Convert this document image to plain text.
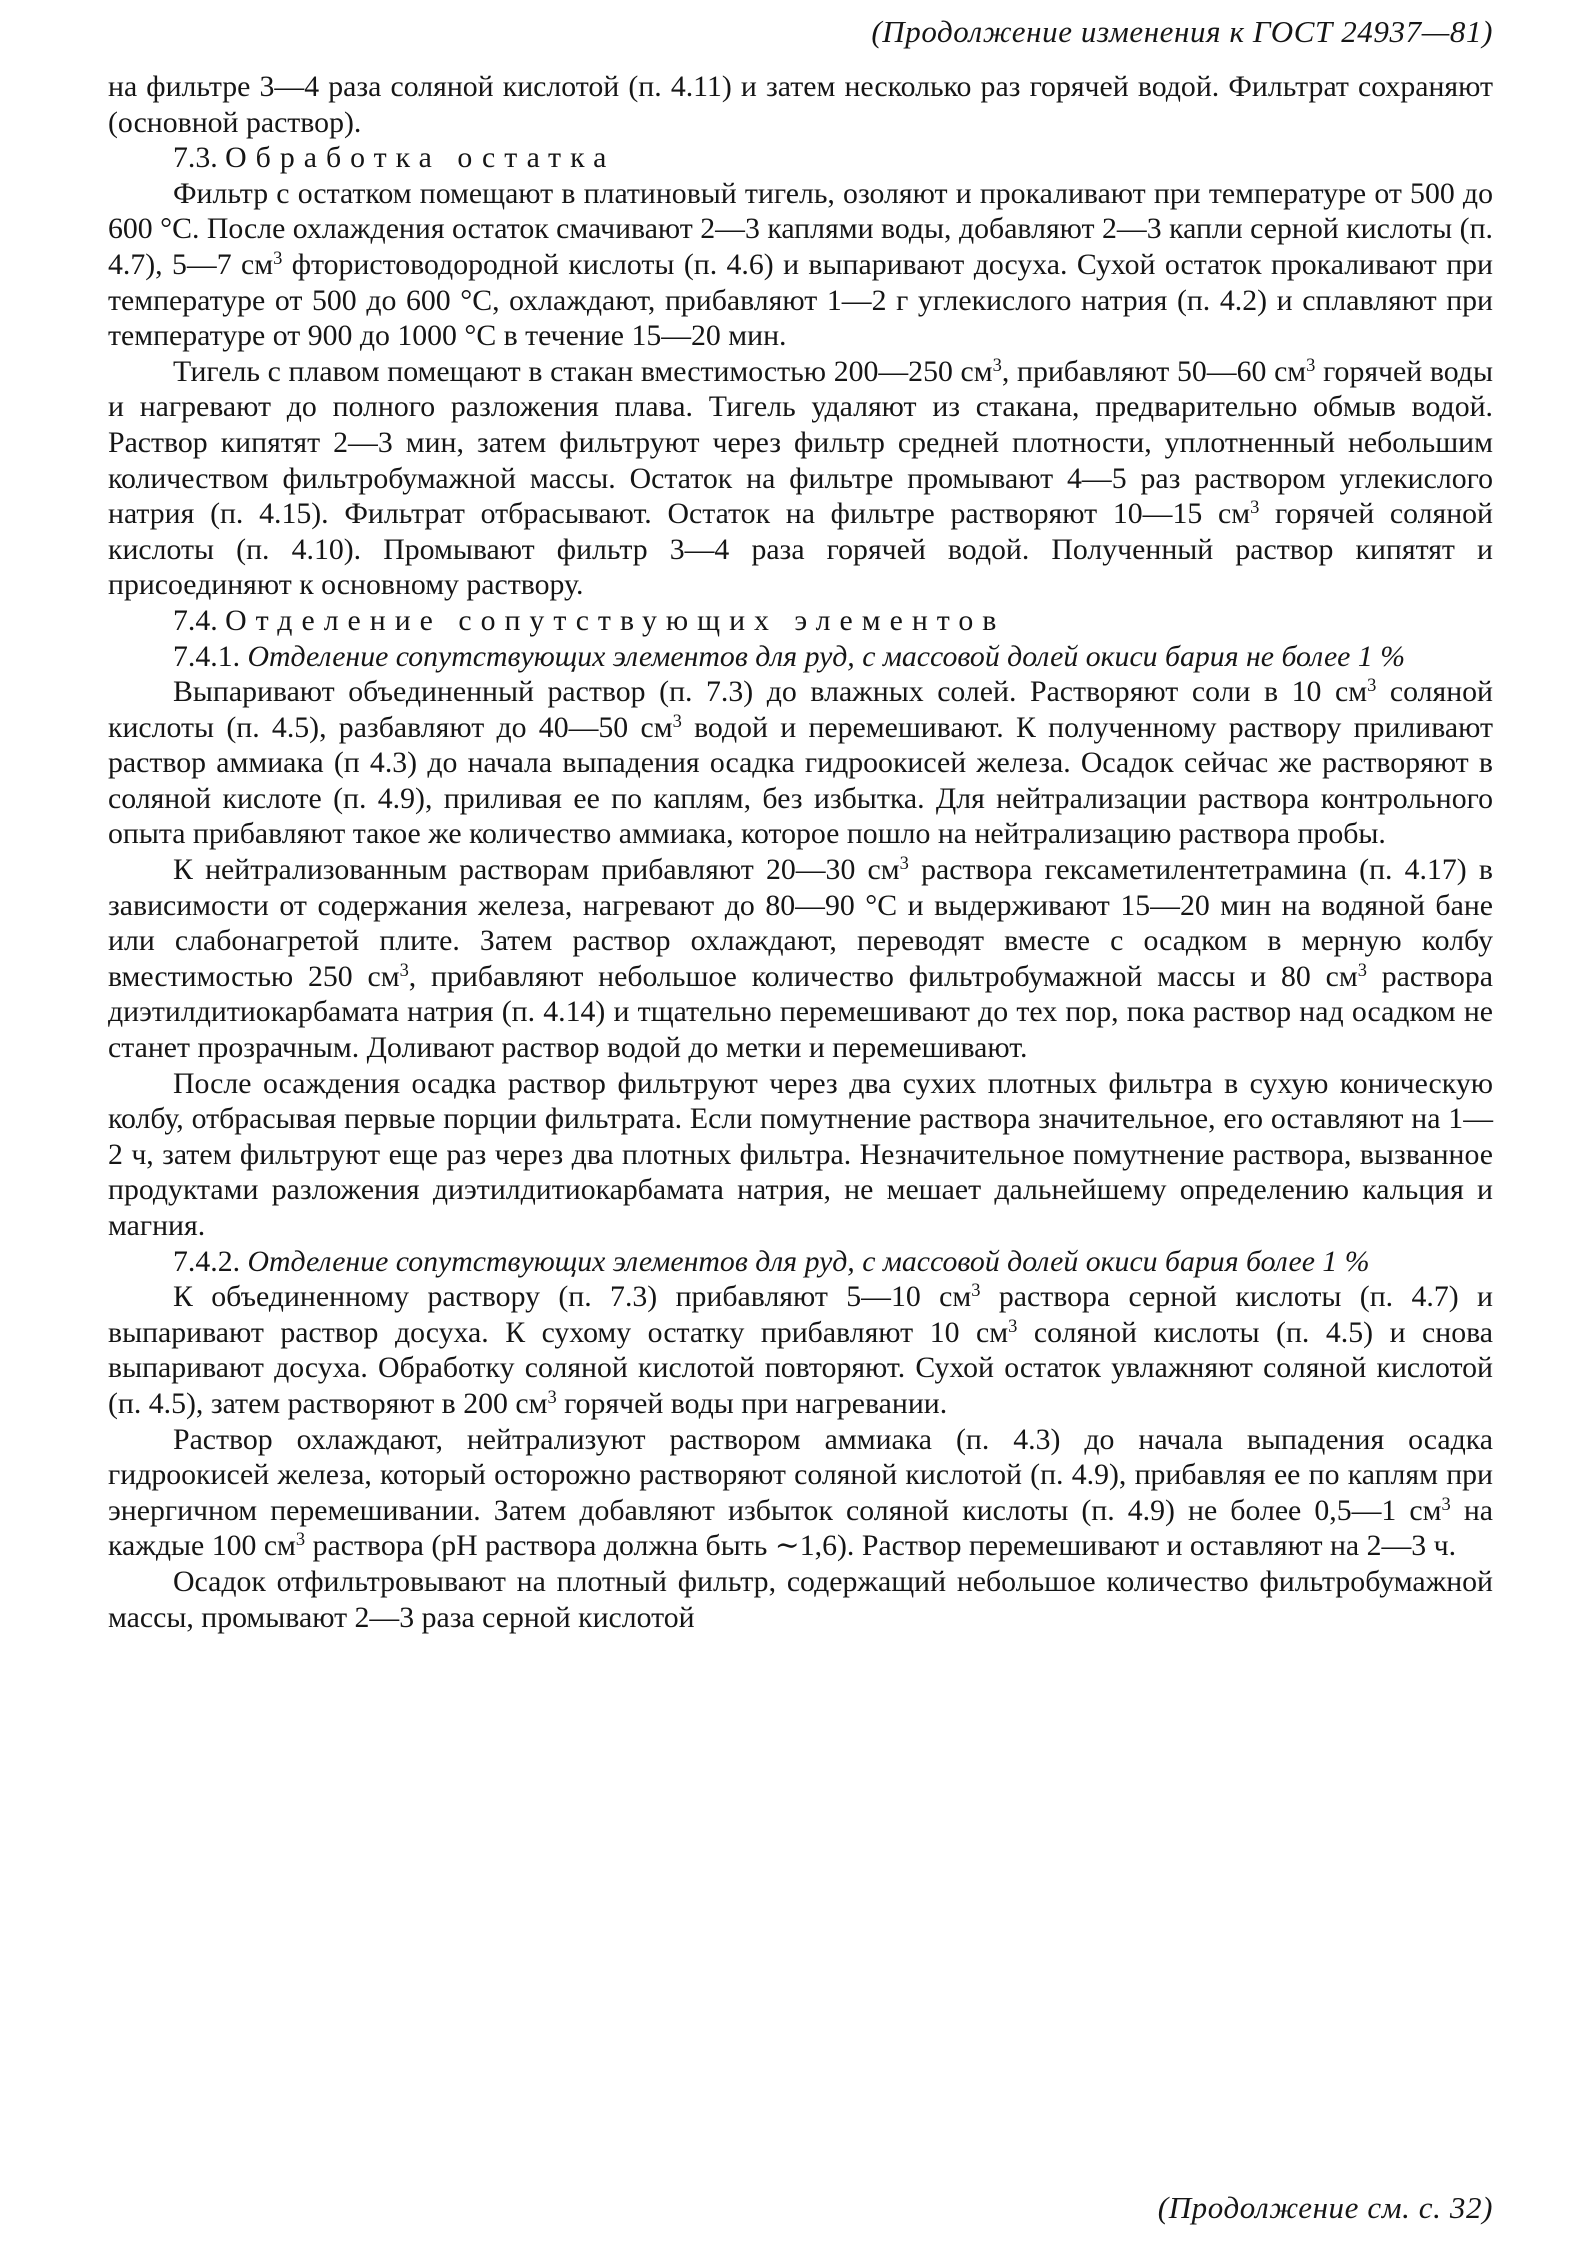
(Продолжение изменения к ГОСТ 24937—81)

на фильтре 3—4 раза соляной кислотой (п. 4.11) и затем несколько раз горячей водой. Фильтрат сохраняют (основной раствор).

7.3. Обработка остатка

Фильтр с остатком помещают в платиновый тигель, озоляют и прокаливают при температуре от 500 до 600 °С. После охлаждения остаток смачивают 2—3 каплями воды, добавляют 2—3 капли серной кислоты (п. 4.7), 5—7 $см^3$ фтористоводородной кислоты (п. 4.6) и выпаривают досуха. Сухой остаток прокаливают при температуре от 500 до 600 °С, охлаждают, прибавляют 1—2 г углекислого натрия (п. 4.2) и сплавляют при температуре от 900 до 1000 °С в течение 15—20 мин.

Тигель с плавом помещают в стакан вместимостью 200—250 $см^3$, прибавляют 50—60 $см^3$ горячей воды и нагревают до полного разложения плава. Тигель удаляют из стакана, предварительно обмыв водой. Раствор кипятят 2—3 мин, затем фильтруют через фильтр средней плотности, уплотненный небольшим количеством фильтробумажной массы. Остаток на фильтре промывают 4—5 раз раствором углекислого натрия (п. 4.15). Фильтрат отбрасывают. Остаток на фильтре растворяют 10—15 $см^3$ горячей соляной кислоты (п. 4.10). Промывают фильтр 3—4 раза горячей водой. Полученный раствор кипятят и присоединяют к основному раствору.

7.4. Отделение сопутствующих элементов

7.4.1. Отделение сопутствующих элементов для руд, с массовой долей окиси бария не более 1 %

Выпаривают объединенный раствор (п. 7.3) до влажных солей. Растворяют соли в 10 $см^3$ соляной кислоты (п. 4.5), разбавляют до 40—50 $см^3$ водой и перемешивают. К полученному раствору приливают раствор аммиака (п 4.3) до начала выпадения осадка гидроокисей железа. Осадок сейчас же растворяют в соляной кислоте (п. 4.9), приливая ее по каплям, без избытка. Для нейтрализации раствора контрольного опыта прибавляют такое же количество аммиака, которое пошло на нейтрализацию раствора пробы.

К нейтрализованным растворам прибавляют 20—30 $см^3$ раствора гексаметилентетрамина (п. 4.17) в зависимости от содержания железа, нагревают до 80—90 °С и выдерживают 15—20 мин на водяной бане или слабонагретой плите. Затем раствор охлаждают, переводят вместе с осадком в мерную колбу вместимостью 250 $см^3$, прибавляют небольшое количество фильтробумажной массы и 80 $см^3$ раствора диэтилдитиокарбамата натрия (п. 4.14) и тщательно перемешивают до тех пор, пока раствор над осадком не станет прозрачным. Доливают раствор водой до метки и перемешивают.

После осаждения осадка раствор фильтруют через два сухих плотных фильтра в сухую коническую колбу, отбрасывая первые порции фильтрата. Если помутнение раствора значительное, его оставляют на 1—2 ч, затем фильтруют еще раз через два плотных фильтра. Незначительное помутнение раствора, вызванное продуктами разложения диэтилдитиокарбамата натрия, не мешает дальнейшему определению кальция и магния.

7.4.2. Отделение сопутствующих элементов для руд, с массовой долей окиси бария более 1 %

К объединенному раствору (п. 7.3) прибавляют 5—10 $см^3$ раствора серной кислоты (п. 4.7) и выпаривают раствор досуха. К сухому остатку прибавляют 10 $см^3$ соляной кислоты (п. 4.5) и снова выпаривают досуха. Обработку соляной кислотой повторяют. Сухой остаток увлажняют соляной кислотой (п. 4.5), затем растворяют в 200 $см^3$ горячей воды при нагревании.

Раствор охлаждают, нейтрализуют раствором аммиака (п. 4.3) до начала выпадения осадка гидроокисей железа, который осторожно растворяют соляной кислотой (п. 4.9), прибавляя ее по каплям при энергичном перемешивании. Затем добавляют избыток соляной кислоты (п. 4.9) не более 0,5—1 $см^3$ на каждые 100 $см^3$ раствора (рН раствора должна быть ∼1,6). Раствор перемешивают и оставляют на 2—3 ч.

Осадок отфильтровывают на плотный фильтр, содержащий небольшое количество фильтробумажной массы, промывают 2—3 раза серной кислотой

(Продолжение см. с. 32)
